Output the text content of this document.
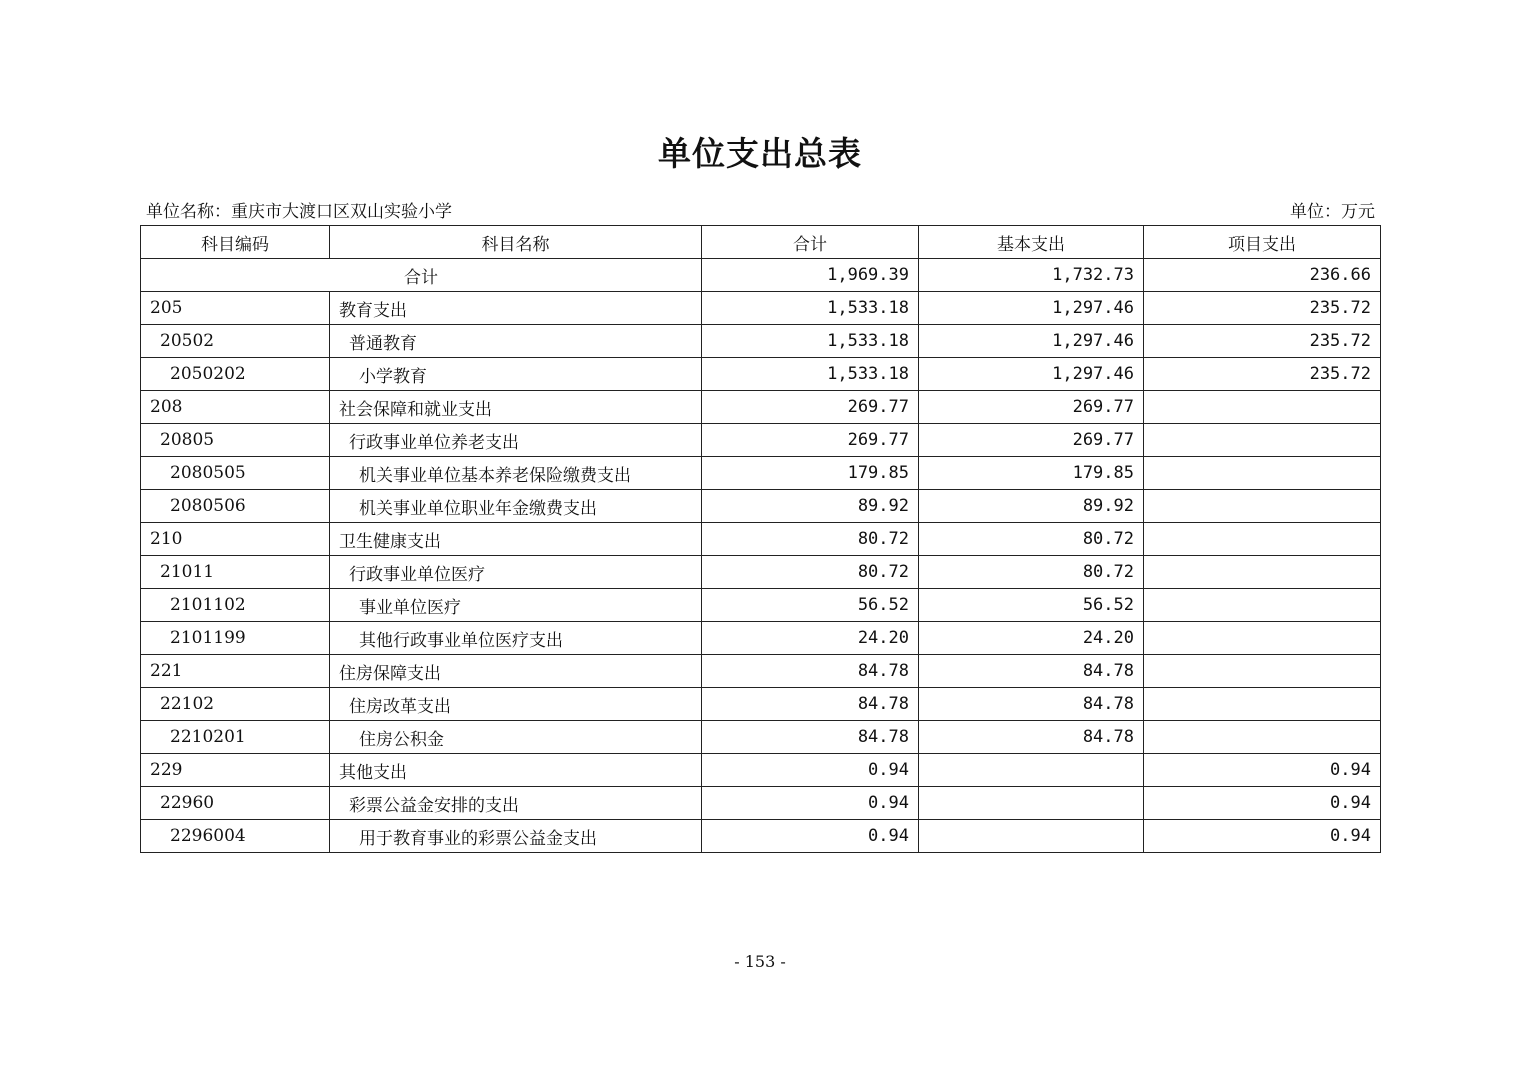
单位支出总表
单位名称：重庆市大渡口区双山实验小学	单位：万元
科目编码	科目名称	合计	基本支出	项目支出
合计		1,969.39	1,732.73	236.66
205	教育支出	1,533.18	1,297.46	235.72
20502	普通教育	1,533.18	1,297.46	235.72
2050202	小学教育	1,533.18	1,297.46	235.72
208	社会保障和就业支出	269.77	269.77	
20805	行政事业单位养老支出	269.77	269.77	
2080505	机关事业单位基本养老保险缴费支出	179.85	179.85	
2080506	机关事业单位职业年金缴费支出	89.92	89.92	
210	卫生健康支出	80.72	80.72	
21011	行政事业单位医疗	80.72	80.72	
2101102	事业单位医疗	56.52	56.52	
2101199	其他行政事业单位医疗支出	24.20	24.20	
221	住房保障支出	84.78	84.78	
22102	住房改革支出	84.78	84.78	
2210201	住房公积金	84.78	84.78	
229	其他支出	0.94		0.94
22960	彩票公益金安排的支出	0.94		0.94
2296004	用于教育事业的彩票公益金支出	0.94		0.94
- 153 -
